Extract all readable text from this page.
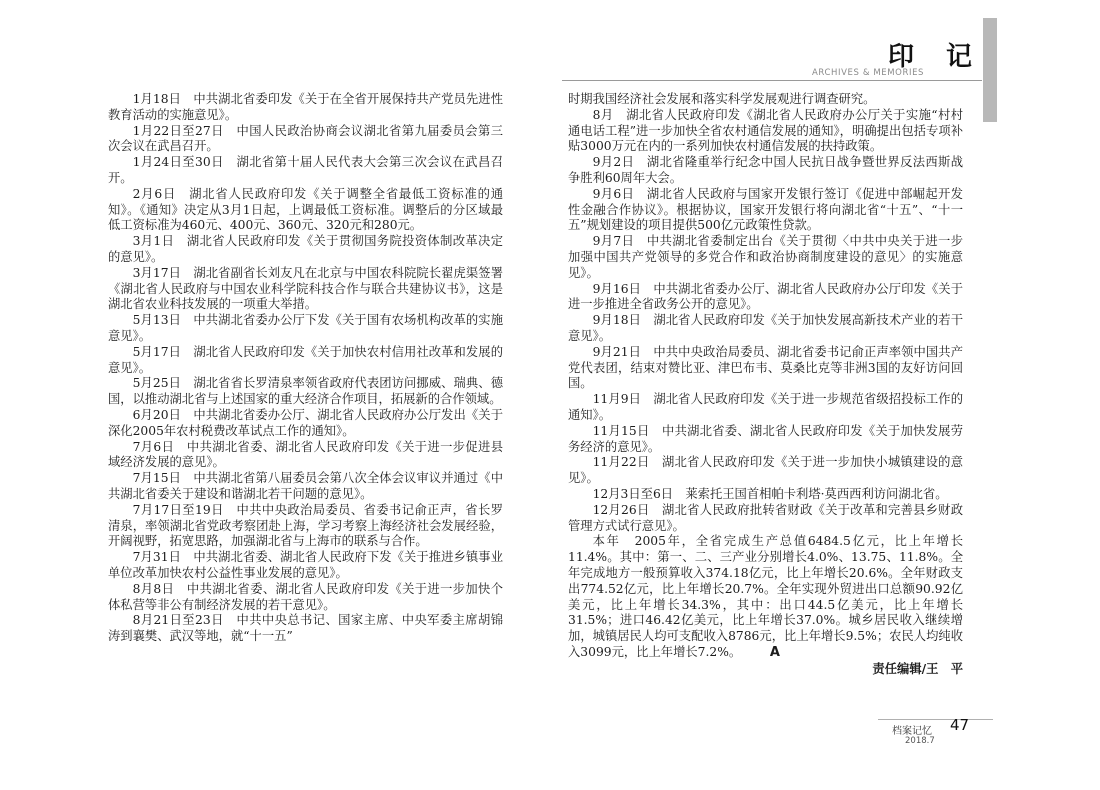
印 记
ARCHIVES & MEMORIES

1月18日　中共湖北省委印发《关于在全省开展保持共产党员先进性教育活动的实施意见》。

1月22日至27日　中国人民政治协商会议湖北省第九届委员会第三次会议在武昌召开。

1月24日至30日　湖北省第十届人民代表大会第三次会议在武昌召开。

2月6日　湖北省人民政府印发《关于调整全省最低工资标准的通知》。《通知》决定从3月1日起，上调最低工资标准。调整后的分区域最低工资标准为460元、400元、360元、320元和280元。

3月1日　湖北省人民政府印发《关于贯彻国务院投资体制改革决定的意见》。

3月17日　湖北省副省长刘友凡在北京与中国农科院院长翟虎渠签署《湖北省人民政府与中国农业科学院科技合作与联合共建协议书》，这是湖北省农业科技发展的一项重大举措。

5月13日　中共湖北省委办公厅下发《关于国有农场机构改革的实施意见》。

5月17日　湖北省人民政府印发《关于加快农村信用社改革和发展的意见》。

5月25日　湖北省省长罗清泉率领省政府代表团访问挪威、瑞典、德国，以推动湖北省与上述国家的重大经济合作项目，拓展新的合作领域。

6月20日　中共湖北省委办公厅、湖北省人民政府办公厅发出《关于深化2005年农村税费改革试点工作的通知》。

7月6日　中共湖北省委、湖北省人民政府印发《关于进一步促进县域经济发展的意见》。

7月15日　中共湖北省第八届委员会第八次全体会议审议并通过《中共湖北省委关于建设和谐湖北若干问题的意见》。

7月17日至19日　中共中央政治局委员、省委书记俞正声，省长罗清泉，率领湖北省党政考察团赴上海，学习考察上海经济社会发展经验，开阔视野，拓宽思路，加强湖北省与上海市的联系与合作。

7月31日　中共湖北省委、湖北省人民政府下发《关于推进乡镇事业单位改革加快农村公益性事业发展的意见》。

8月8日　中共湖北省委、湖北省人民政府印发《关于进一步加快个体私营等非公有制经济发展的若干意见》。

8月21日至23日　中共中央总书记、国家主席、中央军委主席胡锦涛到襄樊、武汉等地，就“十一五”

时期我国经济社会发展和落实科学发展观进行调查研究。

8月　湖北省人民政府印发《湖北省人民政府办公厅关于实施“村村通电话工程”进一步加快全省农村通信发展的通知》，明确提出包括专项补贴3000万元在内的一系列加快农村通信发展的扶持政策。

9月2日　湖北省隆重举行纪念中国人民抗日战争暨世界反法西斯战争胜利60周年大会。

9月6日　湖北省人民政府与国家开发银行签订《促进中部崛起开发性金融合作协议》。根据协议，国家开发银行将向湖北省“十五”、“十一五”规划建设的项目提供500亿元政策性贷款。

9月7日　中共湖北省委制定出台《关于贯彻〈中共中央关于进一步加强中国共产党领导的多党合作和政治协商制度建设的意见〉的实施意见》。

9月16日　中共湖北省委办公厅、湖北省人民政府办公厅印发《关于进一步推进全省政务公开的意见》。

9月18日　湖北省人民政府印发《关于加快发展高新技术产业的若干意见》。

9月21日　中共中央政治局委员、湖北省委书记俞正声率领中国共产党代表团，结束对赞比亚、津巴布韦、莫桑比克等非洲3国的友好访问回国。

11月9日　湖北省人民政府印发《关于进一步规范省级招投标工作的通知》。

11月15日　中共湖北省委、湖北省人民政府印发《关于加快发展劳务经济的意见》。

11月22日　湖北省人民政府印发《关于进一步加快小城镇建设的意见》。

12月3日至6日　莱索托王国首相帕卡利塔·莫西西利访问湖北省。

12月26日　湖北省人民政府批转省财政《关于改革和完善县乡财政管理方式试行意见》。

本年　2005年，全省完成生产总值6484.5亿元，比上年增长11.4%。其中：第一、二、三产业分别增长4.0%、13.75、11.8%。全年完成地方一般预算收入374.18亿元，比上年增长20.6%。全年财政支出774.52亿元，比上年增长20.7%。全年实现外贸进出口总额90.92亿美元，比上年增长34.3%，其中：出口44.5亿美元，比上年增长31.5%；进口46.42亿美元，比上年增长37.0%。城乡居民收入继续增加，城镇居民人均可支配收入8786元，比上年增长9.5%；农民人均纯收入3099元，比上年增长7.2%。 A

责任编辑/王　平

档案记忆 47
2018.7
